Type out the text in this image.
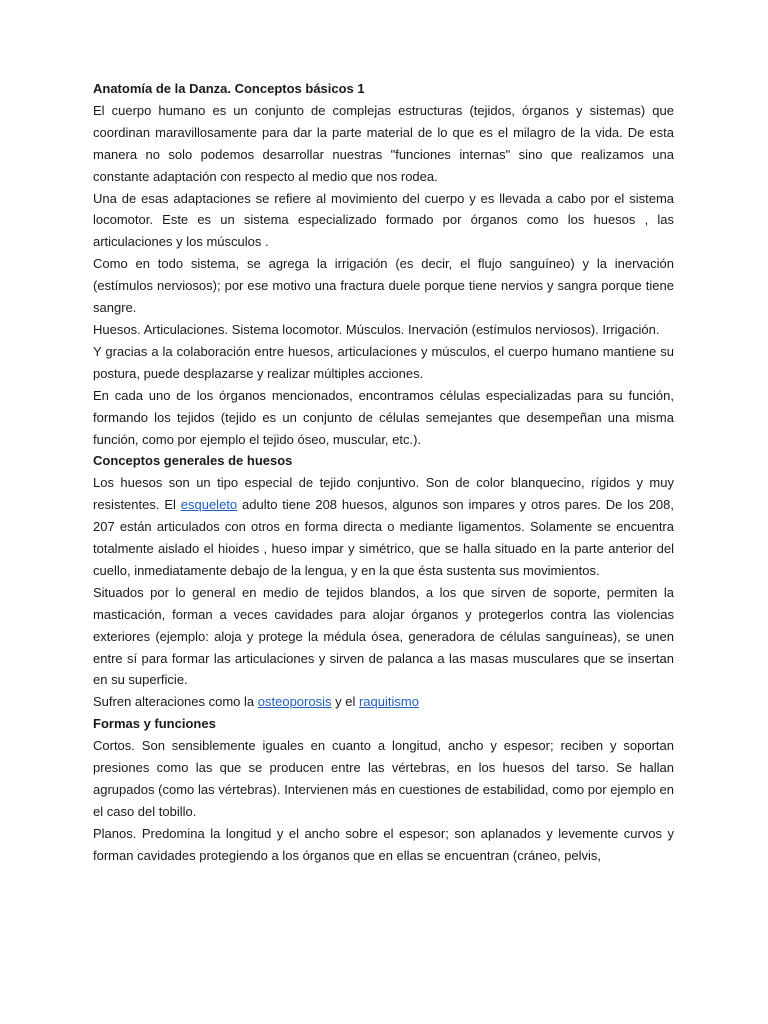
Anatomía de la Danza. Conceptos básicos 1

El cuerpo humano es un conjunto de complejas estructuras (tejidos, órganos y sistemas) que coordinan maravillosamente para dar la parte material de lo que es el milagro de la vida. De esta manera no solo podemos desarrollar nuestras "funciones internas" sino que realizamos una constante adaptación con respecto al medio que nos rodea.

Una de esas adaptaciones se refiere al movimiento del cuerpo y es llevada a cabo por el sistema locomotor. Este es un sistema especializado formado por órganos como los huesos , las articulaciones y los músculos .

Como en todo sistema, se agrega la irrigación (es decir, el flujo sanguíneo) y la inervación (estímulos nerviosos); por ese motivo una fractura duele porque tiene nervios y sangra porque tiene sangre.

Huesos. Articulaciones. Sistema locomotor. Músculos. Inervación (estímulos nerviosos). Irrigación.

Y gracias a la colaboración entre huesos, articulaciones y músculos, el cuerpo humano mantiene su postura, puede desplazarse y realizar múltiples acciones.

En cada uno de los órganos mencionados, encontramos células especializadas para su función, formando los tejidos (tejido es un conjunto de células semejantes que desempeñan una misma función, como por ejemplo el tejido óseo, muscular, etc.).

Conceptos generales de huesos

Los huesos son un tipo especial de tejido conjuntivo. Son de color blanquecino, rígidos y muy resistentes. El esqueleto adulto tiene 208 huesos, algunos son impares y otros pares. De los 208, 207 están articulados con otros en forma directa o mediante ligamentos. Solamente se encuentra totalmente aislado el hioides , hueso impar y simétrico, que se halla situado en la parte anterior del cuello, inmediatamente debajo de la lengua, y en la que ésta sustenta sus movimientos.

Situados por lo general en medio de tejidos blandos, a los que sirven de soporte, permiten la masticación, forman a veces cavidades para alojar órganos y protegerlos contra las violencias exteriores (ejemplo: aloja y protege la médula ósea, generadora de células sanguíneas), se unen entre sí para formar las articulaciones y sirven de palanca a las masas musculares que se insertan en su superficie.

Sufren alteraciones como la osteoporosis y el raquitismo

Formas y funciones

Cortos. Son sensiblemente iguales en cuanto a longitud, ancho y espesor; reciben y soportan presiones como las que se producen entre las vértebras, en los huesos del tarso. Se hallan agrupados (como las vértebras). Intervienen más en cuestiones de estabilidad, como por ejemplo en el caso del tobillo.

Planos. Predomina la longitud y el ancho sobre el espesor; son aplanados y levemente curvos y forman cavidades protegiendo a los órganos que en ellas se encuentran (cráneo, pelvis,
